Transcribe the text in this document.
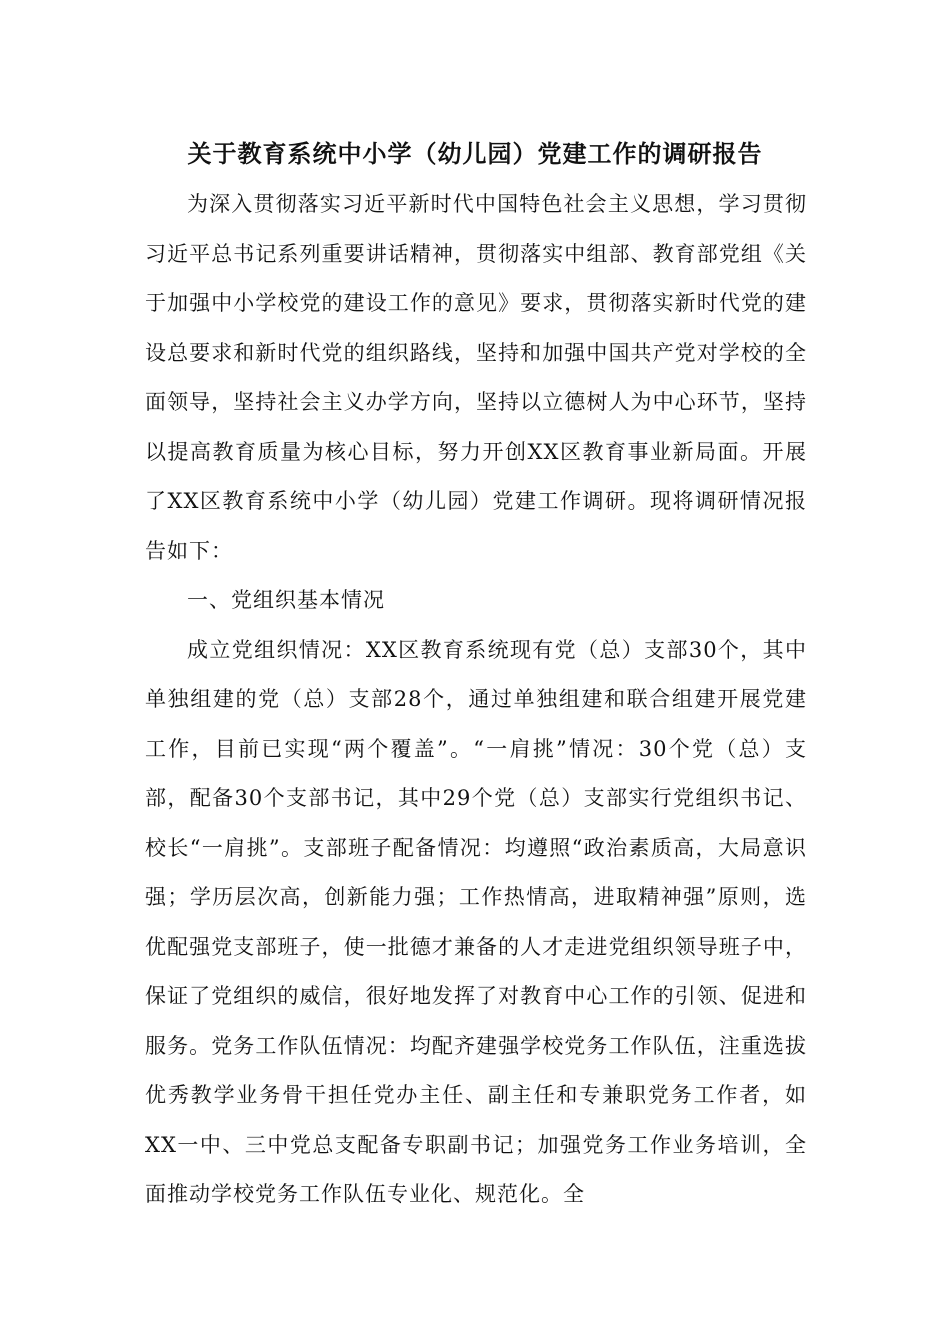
关于教育系统中小学（幼儿园）党建工作的调研报告

为深入贯彻落实习近平新时代中国特色社会主义思想，学习贯彻习近平总书记系列重要讲话精神，贯彻落实中组部、教育部党组《关于加强中小学校党的建设工作的意见》要求，贯彻落实新时代党的建设总要求和新时代党的组织路线，坚持和加强中国共产党对学校的全面领导，坚持社会主义办学方向，坚持以立德树人为中心环节，坚持以提高教育质量为核心目标，努力开创XX区教育事业新局面。开展了XX区教育系统中小学（幼儿园）党建工作调研。现将调研情况报告如下：

一、党组织基本情况

成立党组织情况：XX区教育系统现有党（总）支部30个，其中单独组建的党（总）支部28个，通过单独组建和联合组建开展党建工作，目前已实现“两个覆盖”。“一肩挑”情况：30个党（总）支部，配备30个支部书记，其中29个党（总）支部实行党组织书记、校长“一肩挑”。支部班子配备情况：均遵照“政治素质高，大局意识强；学历层次高，创新能力强；工作热情高，进取精神强”原则，选优配强党支部班子，使一批德才兼备的人才走进党组织领导班子中，保证了党组织的威信，很好地发挥了对教育中心工作的引领、促进和服务。党务工作队伍情况：均配齐建强学校党务工作队伍，注重选拔优秀教学业务骨干担任党办主任、副主任和专兼职党务工作者，如XX一中、三中党总支配备专职副书记；加强党务工作业务培训，全面推动学校党务工作队伍专业化、规范化。全
